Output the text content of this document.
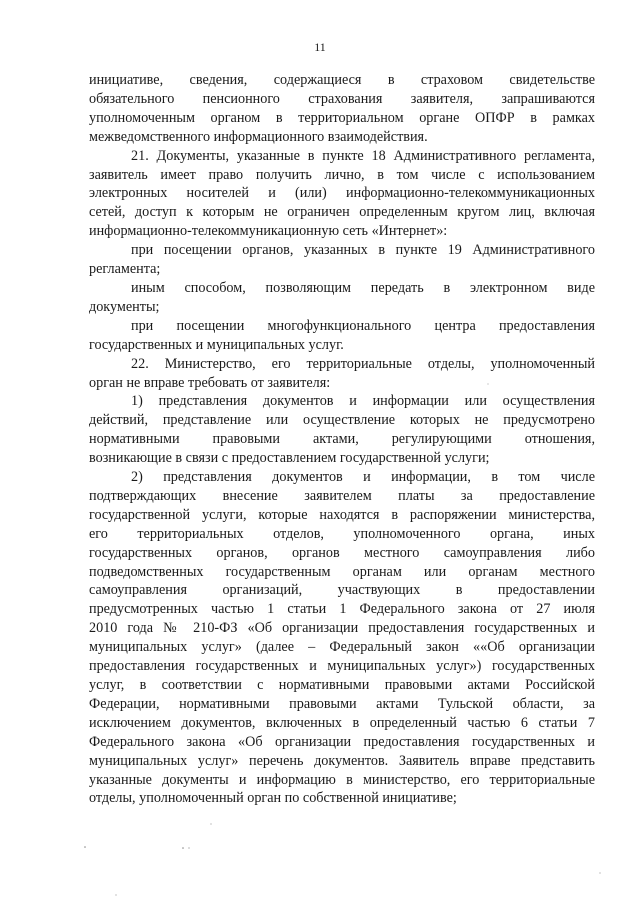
11

инициативе, сведения, содержащиеся в страховом свидетельстве
обязательного пенсионного страхования заявителя, запрашиваются
уполномоченным органом в территориальном органе ОПФР в рамках
межведомственного информационного взаимодействия.

21. Документы, указанные в пункте 18 Административного регламента,
заявитель имеет право получить лично, в том числе с использованием
электронных носителей и (или) информационно-телекоммуникационных
сетей, доступ к которым не ограничен определенным кругом лиц, включая
информационно-телекоммуникационную сеть «Интернет»:

при посещении органов, указанных в пункте 19 Административного
регламента;

иным способом, позволяющим передать в электронном виде
документы;

при посещении многофункционального центра предоставления
государственных и муниципальных услуг.

22. Министерство, его территориальные отделы, уполномоченный
орган не вправе требовать от заявителя:

1) представления документов и информации или осуществления
действий, представление или осуществление которых не предусмотрено
нормативными правовыми актами, регулирующими отношения,
возникающие в связи с предоставлением государственной услуги;

2) представления документов и информации, в том числе
подтверждающих внесение заявителем платы за предоставление
государственной услуги, которые находятся в распоряжении министерства,
его территориальных отделов, уполномоченного органа, иных
государственных органов, органов местного самоуправления либо
подведомственных государственным органам или органам местного
самоуправления организаций, участвующих в предоставлении
предусмотренных частью 1 статьи 1 Федерального закона от 27 июля
2010 года № 210-ФЗ «Об организации предоставления государственных и
муниципальных услуг» (далее – Федеральный закон ««Об организации
предоставления государственных и муниципальных услуг») государственных
услуг, в соответствии с нормативными правовыми актами Российской
Федерации, нормативными правовыми актами Тульской области, за
исключением документов, включенных в определенный частью 6 статьи 7
Федерального закона «Об организации предоставления государственных и
муниципальных услуг» перечень документов. Заявитель вправе представить
указанные документы и информацию в министерство, его территориальные
отделы, уполномоченный орган по собственной инициативе;
